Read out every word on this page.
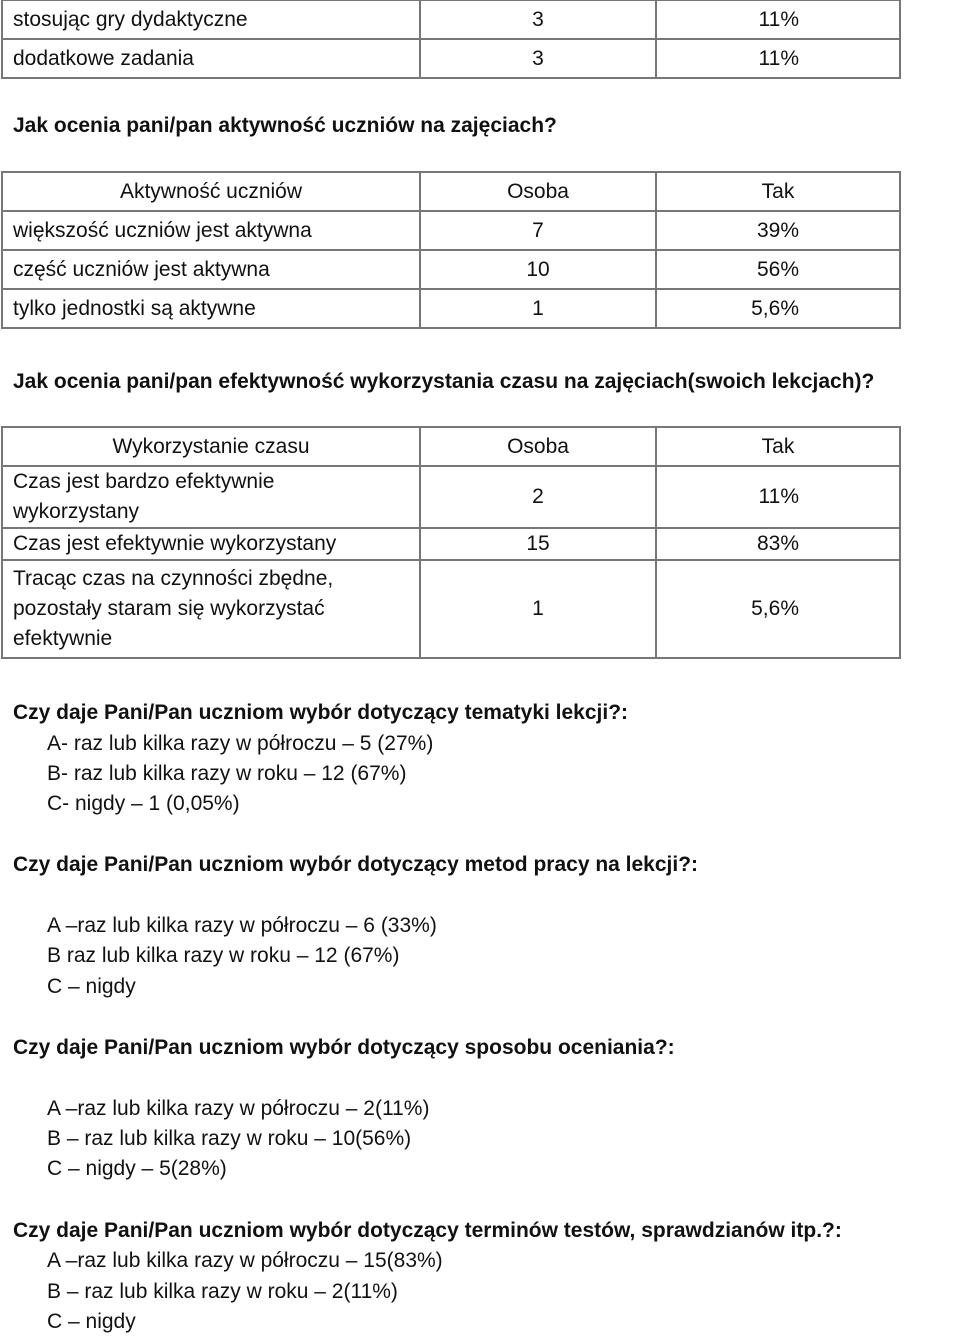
stosując gry dydaktyczne	3	11%
dodatkowe zadania	3	11%
Jak ocenia pani/pan aktywność uczniów na zajęciach?
Aktywność uczniów	Osoba	Tak
większość uczniów jest aktywna	7	39%
część uczniów jest aktywna	10	56%
tylko jednostki są aktywne	1	5,6%
Jak ocenia pani/pan efektywność wykorzystania czasu na zajęciach(swoich lekcjach)?
Wykorzystanie czasu	Osoba	Tak

Czas jest bardzo efektywnie
wykorzystany	2	11%
Czas jest efektywnie wykorzystany	15	83%

Tracąc czas na czynności zbędne,
pozostały staram się wykorzystać
efektywnie	1	5,6%
Czy daje Pani/Pan uczniom wybór dotyczący tematyki lekcji?:
A- raz lub kilka razy w półroczu – 5 (27%)
B- raz lub kilka razy w roku – 12 (67%)
C- nigdy – 1 (0,05%)
Czy daje Pani/Pan uczniom wybór dotyczący metod pracy na lekcji?:
A –raz lub kilka razy w półroczu – 6 (33%)
B raz lub kilka razy w roku – 12 (67%)
C – nigdy
Czy daje Pani/Pan uczniom wybór dotyczący sposobu oceniania?:
A –raz lub kilka razy w półroczu – 2(11%)
B – raz lub kilka razy w roku – 10(56%)
C – nigdy – 5(28%)
Czy daje Pani/Pan uczniom wybór dotyczący terminów testów, sprawdzianów itp.?:
A –raz lub kilka razy w półroczu – 15(83%)
B – raz lub kilka razy w roku – 2(11%)
C – nigdy
